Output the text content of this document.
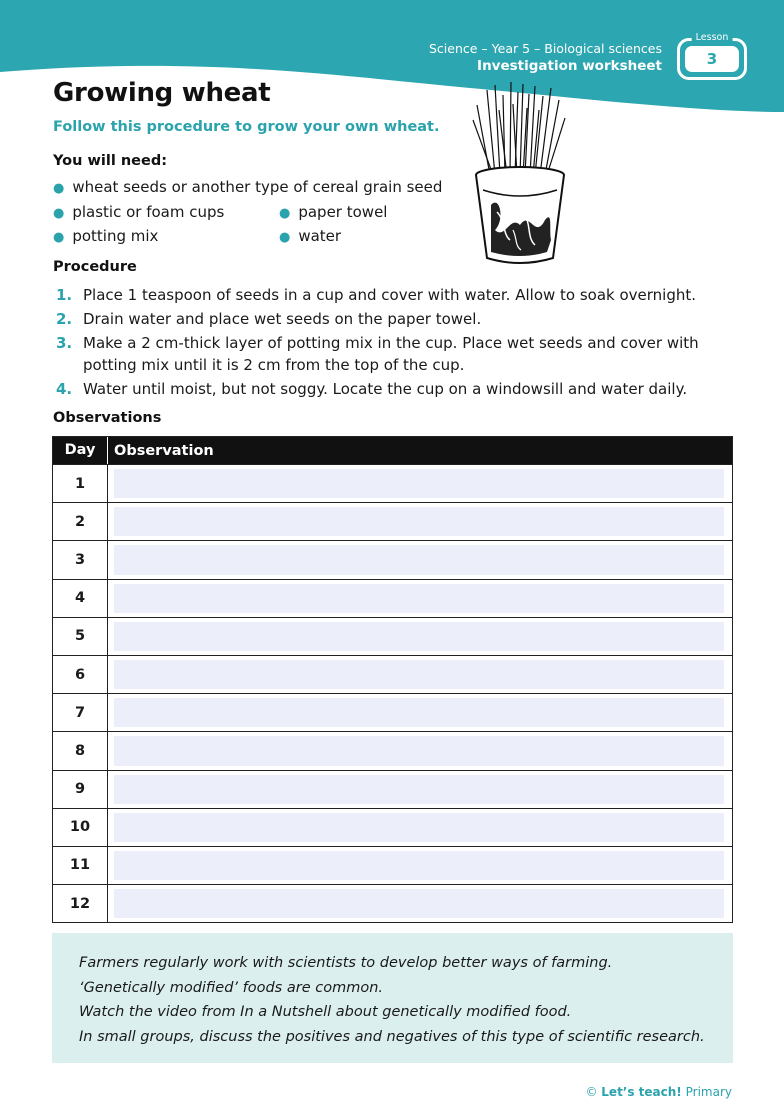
Science – Year 5 – Biological sciences
Investigation worksheet
Lesson
3
Growing wheat
Follow this procedure to grow your own wheat.
You will need:
● wheat seeds or another type of cereal grain seed
● plastic or foam cups	● paper towel
● potting mix	● water
Procedure
1. Place 1 teaspoon of seeds in a cup and cover with water. Allow to soak overnight.
2. Drain water and place wet seeds on the paper towel.
3. Make a 2 cm-thick layer of potting mix in the cup. Place wet seeds and cover with potting mix until it is 2 cm from the top of the cup.
4. Water until moist, but not soggy. Locate the cup on a windowsill and water daily.
Observations
Day	Observation
1
2
3
4
5
6
7
8
9
10
11
12
Farmers regularly work with scientists to develop better ways of farming.
‘Genetically modified’ foods are common.
Watch the video from In a Nutshell about genetically modified food.
In small groups, discuss the positives and negatives of this type of scientific research.
© Let’s teach! Primary
